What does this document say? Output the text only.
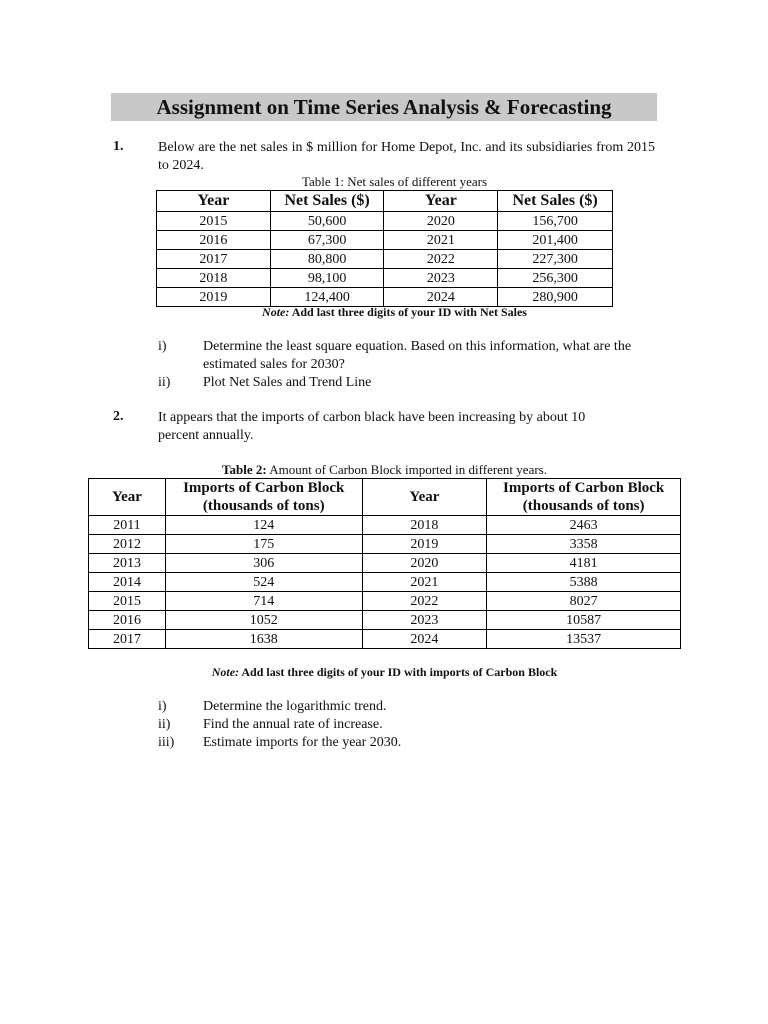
Assignment on Time Series Analysis & Forecasting
1. Below are the net sales in $ million for Home Depot, Inc. and its subsidiaries from 2015 to 2024.
Table 1: Net sales of different years
Year	Net Sales ($)	Year	Net Sales ($)
2015	50,600	2020	156,700
2016	67,300	2021	201,400
2017	80,800	2022	227,300
2018	98,100	2023	256,300
2019	124,400	2024	280,900
Note: Add last three digits of your ID with Net Sales
i)	Determine the least square equation. Based on this information, what are the estimated sales for 2030?
ii) Plot Net Sales and Trend Line
2. It appears that the imports of carbon black have been increasing by about 10 percent annually.
Table 2: Amount of Carbon Block imported in different years.
Year	Imports of Carbon Block (thousands of tons)	Year	Imports of Carbon Block (thousands of tons)
2011	124	2018	2463
2012	175	2019	3358
2013	306	2020	4181
2014	524	2021	5388
2015	714	2022	8027
2016	1052	2023	10587
2017	1638	2024	13537
Note: Add last three digits of your ID with imports of Carbon Block
i)	Determine the logarithmic trend.
ii) Find the annual rate of increase.
iii) Estimate imports for the year 2030.
